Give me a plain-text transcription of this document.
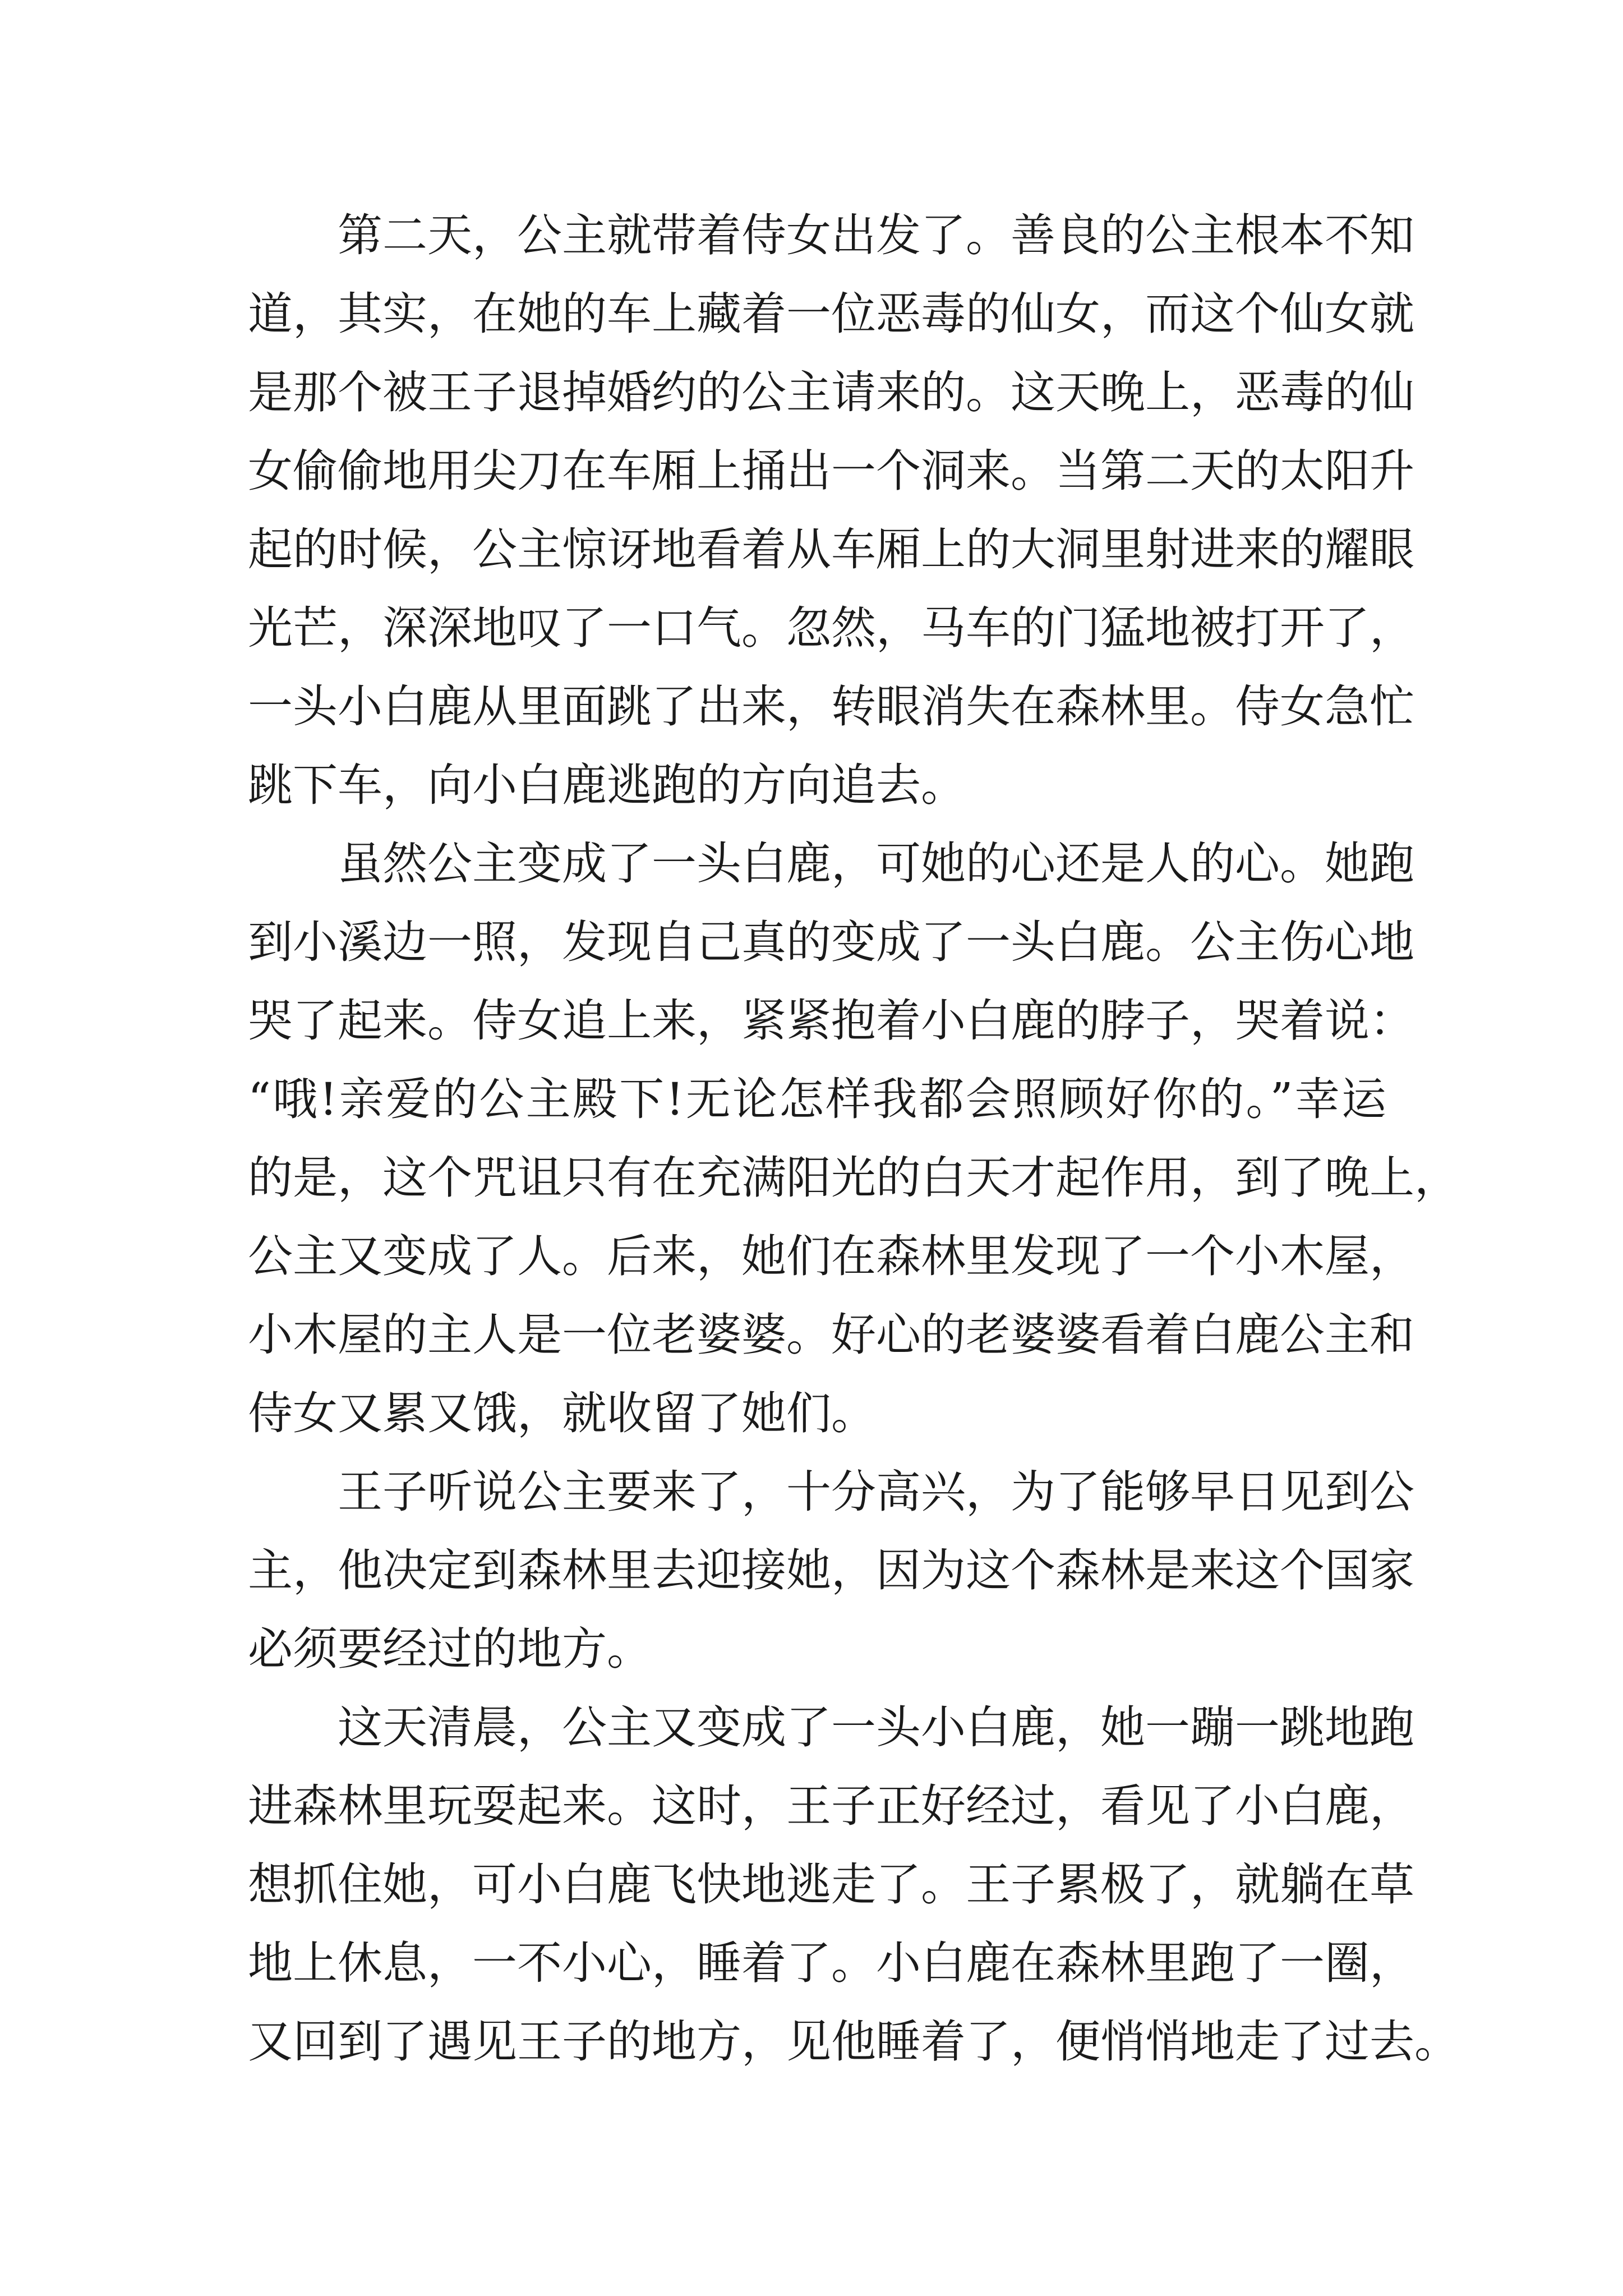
第二天，公主就带着侍女出发了。善良的公主根本不知
道，其实，在她的车上藏着一位恶毒的仙女，而这个仙女就
是那个被王子退掉婚约的公主请来的。这天晚上，恶毒的仙
女偷偷地用尖刀在车厢上捅出一个洞来。当第二天的太阳升
起的时候，公主惊讶地看着从车厢上的大洞里射进来的耀眼
光芒，深深地叹了一口气。忽然，马车的门猛地被打开了，
一头小白鹿从里面跳了出来，转眼消失在森林里。侍女急忙
跳下车，向小白鹿逃跑的方向追去。
虽然公主变成了一头白鹿，可她的心还是人的心。她跑
到小溪边一照，发现自己真的变成了一头白鹿。公主伤心地
哭了起来。侍女追上来，紧紧抱着小白鹿的脖子，哭着说：
“哦!亲爱的公主殿下!无论怎样我都会照顾好你的。”幸运
的是，这个咒诅只有在充满阳光的白天才起作用，到了晚上，
公主又变成了人。后来，她们在森林里发现了一个小木屋，
小木屋的主人是一位老婆婆。好心的老婆婆看着白鹿公主和
侍女又累又饿，就收留了她们。
王子听说公主要来了，十分高兴，为了能够早日见到公
主，他决定到森林里去迎接她，因为这个森林是来这个国家
必须要经过的地方。
这天清晨，公主又变成了一头小白鹿，她一蹦一跳地跑
进森林里玩耍起来。这时，王子正好经过，看见了小白鹿，
想抓住她，可小白鹿飞快地逃走了。王子累极了，就躺在草
地上休息，一不小心，睡着了。小白鹿在森林里跑了一圈，
又回到了遇见王子的地方，见他睡着了，便悄悄地走了过去。
